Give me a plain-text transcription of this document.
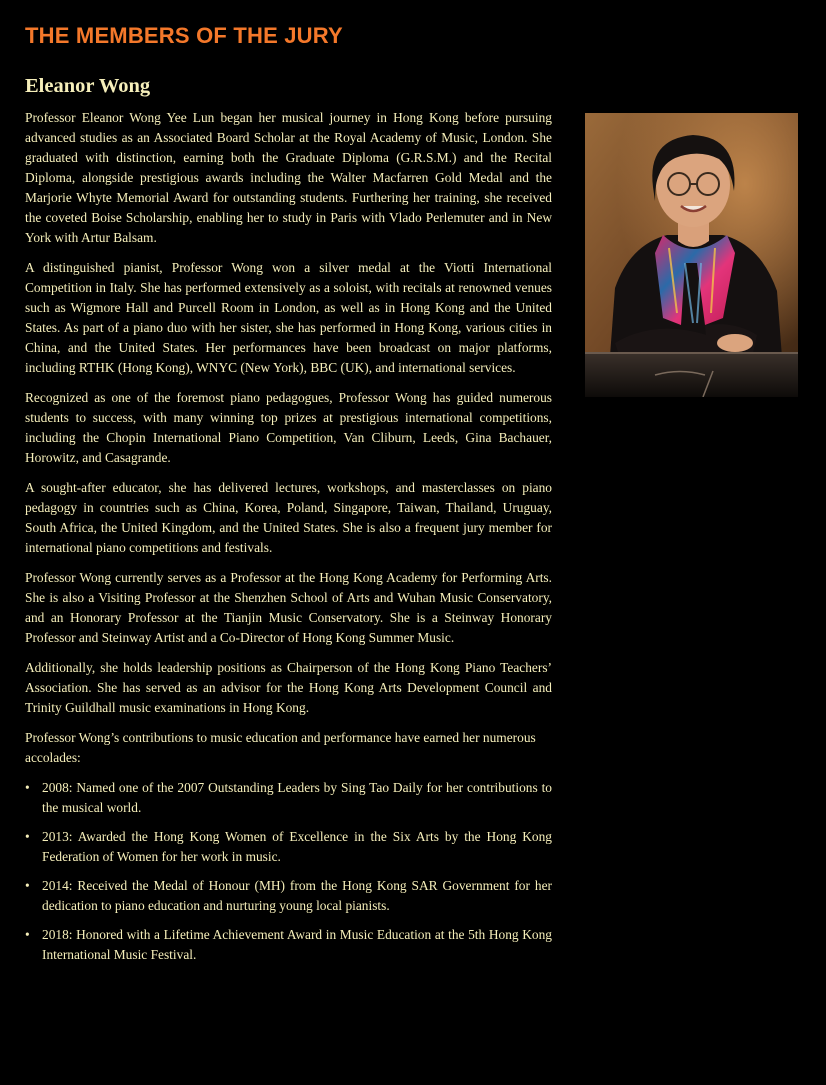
THE MEMBERS OF THE JURY
Eleanor Wong

Professor Eleanor Wong Yee Lun began her musical journey in Hong Kong before pursuing advanced studies as an Associated Board Scholar at the Royal Academy of Music, London. She graduated with distinction, earning both the Graduate Diploma (G.R.S.M.) and the Recital Diploma, alongside prestigious awards including the Walter Macfarren Gold Medal and the Marjorie Whyte Memorial Award for outstanding students. Furthering her training, she received the coveted Boise Scholarship, enabling her to study in Paris with Vlado Perlemuter and in New York with Artur Balsam.

A distinguished pianist, Professor Wong won a silver medal at the Viotti International Competition in Italy. She has performed extensively as a soloist, with recitals at renowned venues such as Wigmore Hall and Purcell Room in London, as well as in Hong Kong and the United States. As part of a piano duo with her sister, she has performed in Hong Kong, various cities in China, and the United States. Her performances have been broadcast on major platforms, including RTHK (Hong Kong), WNYC (New York), BBC (UK), and international services.

Recognized as one of the foremost piano pedagogues, Professor Wong has guided numerous students to success, with many winning top prizes at prestigious international competitions, including the Chopin International Piano Competition, Van Cliburn, Leeds, Gina Bachauer, Horowitz, and Casagrande.

A sought-after educator, she has delivered lectures, workshops, and masterclasses on piano pedagogy in countries such as China, Korea, Poland, Singapore, Taiwan, Thailand, Uruguay, South Africa, the United Kingdom, and the United States. She is also a frequent jury member for international piano competitions and festivals.

Professor Wong currently serves as a Professor at the Hong Kong Academy for Performing Arts. She is also a Visiting Professor at the Shenzhen School of Arts and Wuhan Music Conservatory, and an Honorary Professor at the Tianjin Music Conservatory. She is a Steinway Honorary Professor and Steinway Artist and a Co-Director of Hong Kong Summer Music.

Additionally, she holds leadership positions as Chairperson of the Hong Kong Piano Teachers’ Association. She has served as an advisor for the Hong Kong Arts Development Council and Trinity Guildhall music examinations in Hong Kong.

Professor Wong’s contributions to music education and performance have earned her numerous accolades:

• 2008: Named one of the 2007 Outstanding Leaders by Sing Tao Daily for her contributions to the musical world.
• 2013: Awarded the Hong Kong Women of Excellence in the Six Arts by the Hong Kong Federation of Women for her work in music.
• 2014: Received the Medal of Honour (MH) from the Hong Kong SAR Government for her dedication to piano education and nurturing young local pianists.
• 2018: Honored with a Lifetime Achievement Award in Music Education at the 5th Hong Kong International Music Festival.
